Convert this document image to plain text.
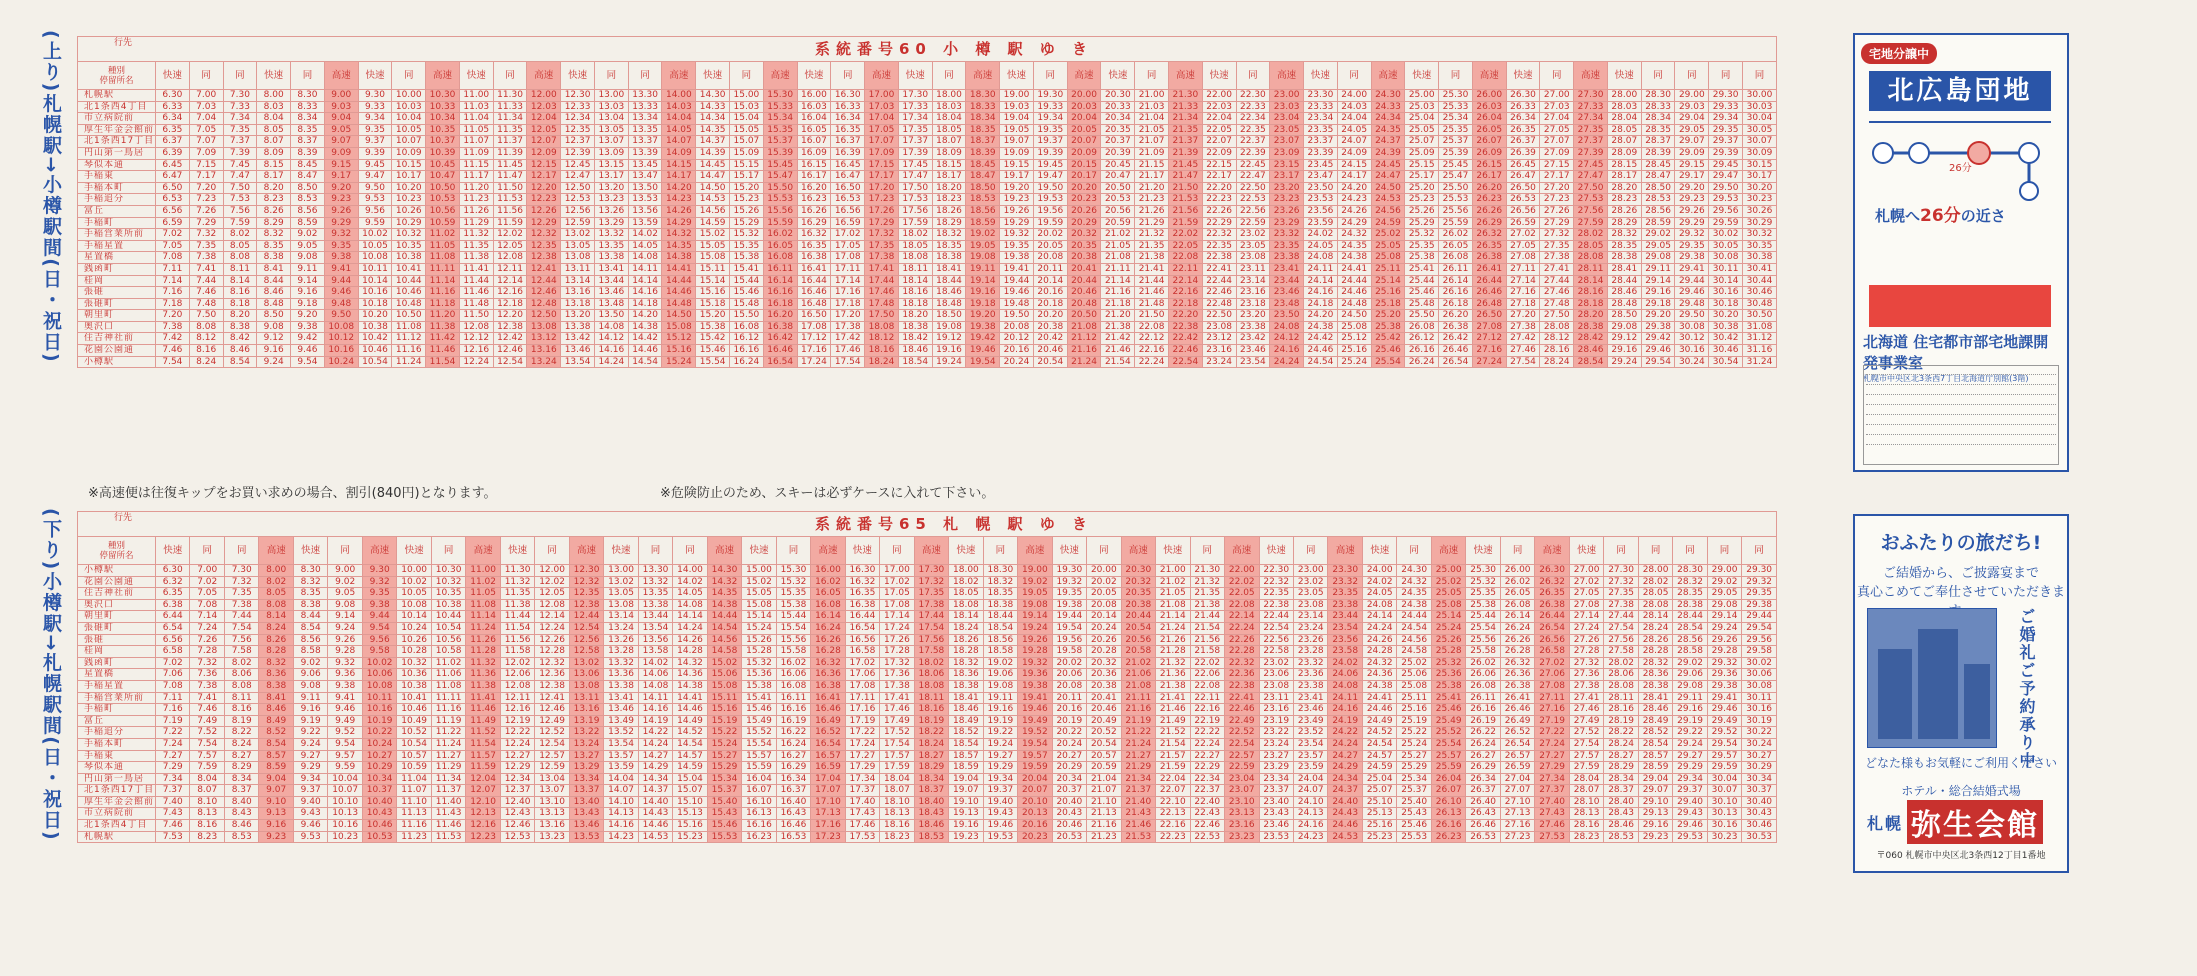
(上り)札幌駅→小樽駅間(日・祝日)
(下り)小樽駅→札幌駅間(日・祝日)
行先 系統番号60 小 樽 駅 ゆ き																																																

種別
停留所名	快速	同	同	快速	同	高速	快速	同	高速	快速	同	高速	快速	同	同	高速	快速	同	高速	快速	同	高速	快速	同	高速	快速	同	高速	快速	同	高速	快速	同	高速	快速	同	高速	快速	同	高速	快速	同	高速	快速	同	同	同	同
札幌駅	6.30	7.00	7.30	8.00	8.30	9.00	9.30	10.00	10.30	11.00	11.30	12.00	12.30	13.00	13.30	14.00	14.30	15.00	15.30	16.00	16.30	17.00	17.30	18.00	18.30	19.00	19.30	20.00	20.30	21.00	21.30	22.00	22.30	23.00	23.30	24.00	24.30	25.00	25.30	26.00	26.30	27.00	27.30	28.00	28.30	29.00	29.30	30.00
北1条西4丁目	6.33	7.03	7.33	8.03	8.33	9.03	9.33	10.03	10.33	11.03	11.33	12.03	12.33	13.03	13.33	14.03	14.33	15.03	15.33	16.03	16.33	17.03	17.33	18.03	18.33	19.03	19.33	20.03	20.33	21.03	21.33	22.03	22.33	23.03	23.33	24.03	24.33	25.03	25.33	26.03	26.33	27.03	27.33	28.03	28.33	29.03	29.33	30.03
市立病院前	6.34	7.04	7.34	8.04	8.34	9.04	9.34	10.04	10.34	11.04	11.34	12.04	12.34	13.04	13.34	14.04	14.34	15.04	15.34	16.04	16.34	17.04	17.34	18.04	18.34	19.04	19.34	20.04	20.34	21.04	21.34	22.04	22.34	23.04	23.34	24.04	24.34	25.04	25.34	26.04	26.34	27.04	27.34	28.04	28.34	29.04	29.34	30.04
厚生年金会館前	6.35	7.05	7.35	8.05	8.35	9.05	9.35	10.05	10.35	11.05	11.35	12.05	12.35	13.05	13.35	14.05	14.35	15.05	15.35	16.05	16.35	17.05	17.35	18.05	18.35	19.05	19.35	20.05	20.35	21.05	21.35	22.05	22.35	23.05	23.35	24.05	24.35	25.05	25.35	26.05	26.35	27.05	27.35	28.05	28.35	29.05	29.35	30.05
北1条西17丁目	6.37	7.07	7.37	8.07	8.37	9.07	9.37	10.07	10.37	11.07	11.37	12.07	12.37	13.07	13.37	14.07	14.37	15.07	15.37	16.07	16.37	17.07	17.37	18.07	18.37	19.07	19.37	20.07	20.37	21.07	21.37	22.07	22.37	23.07	23.37	24.07	24.37	25.07	25.37	26.07	26.37	27.07	27.37	28.07	28.37	29.07	29.37	30.07
円山第一鳥居	6.39	7.09	7.39	8.09	8.39	9.09	9.39	10.09	10.39	11.09	11.39	12.09	12.39	13.09	13.39	14.09	14.39	15.09	15.39	16.09	16.39	17.09	17.39	18.09	18.39	19.09	19.39	20.09	20.39	21.09	21.39	22.09	22.39	23.09	23.39	24.09	24.39	25.09	25.39	26.09	26.39	27.09	27.39	28.09	28.39	29.09	29.39	30.09
琴似本通	6.45	7.15	7.45	8.15	8.45	9.15	9.45	10.15	10.45	11.15	11.45	12.15	12.45	13.15	13.45	14.15	14.45	15.15	15.45	16.15	16.45	17.15	17.45	18.15	18.45	19.15	19.45	20.15	20.45	21.15	21.45	22.15	22.45	23.15	23.45	24.15	24.45	25.15	25.45	26.15	26.45	27.15	27.45	28.15	28.45	29.15	29.45	30.15
手稲東	6.47	7.17	7.47	8.17	8.47	9.17	9.47	10.17	10.47	11.17	11.47	12.17	12.47	13.17	13.47	14.17	14.47	15.17	15.47	16.17	16.47	17.17	17.47	18.17	18.47	19.17	19.47	20.17	20.47	21.17	21.47	22.17	22.47	23.17	23.47	24.17	24.47	25.17	25.47	26.17	26.47	27.17	27.47	28.17	28.47	29.17	29.47	30.17
手稲本町	6.50	7.20	7.50	8.20	8.50	9.20	9.50	10.20	10.50	11.20	11.50	12.20	12.50	13.20	13.50	14.20	14.50	15.20	15.50	16.20	16.50	17.20	17.50	18.20	18.50	19.20	19.50	20.20	20.50	21.20	21.50	22.20	22.50	23.20	23.50	24.20	24.50	25.20	25.50	26.20	26.50	27.20	27.50	28.20	28.50	29.20	29.50	30.20
手稲追分	6.53	7.23	7.53	8.23	8.53	9.23	9.53	10.23	10.53	11.23	11.53	12.23	12.53	13.23	13.53	14.23	14.53	15.23	15.53	16.23	16.53	17.23	17.53	18.23	18.53	19.23	19.53	20.23	20.53	21.23	21.53	22.23	22.53	23.23	23.53	24.23	24.53	25.23	25.53	26.23	26.53	27.23	27.53	28.23	28.53	29.23	29.53	30.23
富丘	6.56	7.26	7.56	8.26	8.56	9.26	9.56	10.26	10.56	11.26	11.56	12.26	12.56	13.26	13.56	14.26	14.56	15.26	15.56	16.26	16.56	17.26	17.56	18.26	18.56	19.26	19.56	20.26	20.56	21.26	21.56	22.26	22.56	23.26	23.56	24.26	24.56	25.26	25.56	26.26	26.56	27.26	27.56	28.26	28.56	29.26	29.56	30.26
手稲町	6.59	7.29	7.59	8.29	8.59	9.29	9.59	10.29	10.59	11.29	11.59	12.29	12.59	13.29	13.59	14.29	14.59	15.29	15.59	16.29	16.59	17.29	17.59	18.29	18.59	19.29	19.59	20.29	20.59	21.29	21.59	22.29	22.59	23.29	23.59	24.29	24.59	25.29	25.59	26.29	26.59	27.29	27.59	28.29	28.59	29.29	29.59	30.29
手稲営業所前	7.02	7.32	8.02	8.32	9.02	9.32	10.02	10.32	11.02	11.32	12.02	12.32	13.02	13.32	14.02	14.32	15.02	15.32	16.02	16.32	17.02	17.32	18.02	18.32	19.02	19.32	20.02	20.32	21.02	21.32	22.02	22.32	23.02	23.32	24.02	24.32	25.02	25.32	26.02	26.32	27.02	27.32	28.02	28.32	29.02	29.32	30.02	30.32
手稲星置	7.05	7.35	8.05	8.35	9.05	9.35	10.05	10.35	11.05	11.35	12.05	12.35	13.05	13.35	14.05	14.35	15.05	15.35	16.05	16.35	17.05	17.35	18.05	18.35	19.05	19.35	20.05	20.35	21.05	21.35	22.05	22.35	23.05	23.35	24.05	24.35	25.05	25.35	26.05	26.35	27.05	27.35	28.05	28.35	29.05	29.35	30.05	30.35
星置橋	7.08	7.38	8.08	8.38	9.08	9.38	10.08	10.38	11.08	11.38	12.08	12.38	13.08	13.38	14.08	14.38	15.08	15.38	16.08	16.38	17.08	17.38	18.08	18.38	19.08	19.38	20.08	20.38	21.08	21.38	22.08	22.38	23.08	23.38	24.08	24.38	25.08	25.38	26.08	26.38	27.08	27.38	28.08	28.38	29.08	29.38	30.08	30.38
銭函町	7.11	7.41	8.11	8.41	9.11	9.41	10.11	10.41	11.11	11.41	12.11	12.41	13.11	13.41	14.11	14.41	15.11	15.41	16.11	16.41	17.11	17.41	18.11	18.41	19.11	19.41	20.11	20.41	21.11	21.41	22.11	22.41	23.11	23.41	24.11	24.41	25.11	25.41	26.11	26.41	27.11	27.41	28.11	28.41	29.11	29.41	30.11	30.41
桂岡	7.14	7.44	8.14	8.44	9.14	9.44	10.14	10.44	11.14	11.44	12.14	12.44	13.14	13.44	14.14	14.44	15.14	15.44	16.14	16.44	17.14	17.44	18.14	18.44	19.14	19.44	20.14	20.44	21.14	21.44	22.14	22.44	23.14	23.44	24.14	24.44	25.14	25.44	26.14	26.44	27.14	27.44	28.14	28.44	29.14	29.44	30.14	30.44
張碓	7.16	7.46	8.16	8.46	9.16	9.46	10.16	10.46	11.16	11.46	12.16	12.46	13.16	13.46	14.16	14.46	15.16	15.46	16.16	16.46	17.16	17.46	18.16	18.46	19.16	19.46	20.16	20.46	21.16	21.46	22.16	22.46	23.16	23.46	24.16	24.46	25.16	25.46	26.16	26.46	27.16	27.46	28.16	28.46	29.16	29.46	30.16	30.46
張碓町	7.18	7.48	8.18	8.48	9.18	9.48	10.18	10.48	11.18	11.48	12.18	12.48	13.18	13.48	14.18	14.48	15.18	15.48	16.18	16.48	17.18	17.48	18.18	18.48	19.18	19.48	20.18	20.48	21.18	21.48	22.18	22.48	23.18	23.48	24.18	24.48	25.18	25.48	26.18	26.48	27.18	27.48	28.18	28.48	29.18	29.48	30.18	30.48
朝里町	7.20	7.50	8.20	8.50	9.20	9.50	10.20	10.50	11.20	11.50	12.20	12.50	13.20	13.50	14.20	14.50	15.20	15.50	16.20	16.50	17.20	17.50	18.20	18.50	19.20	19.50	20.20	20.50	21.20	21.50	22.20	22.50	23.20	23.50	24.20	24.50	25.20	25.50	26.20	26.50	27.20	27.50	28.20	28.50	29.20	29.50	30.20	30.50
奥沢口	7.38	8.08	8.38	9.08	9.38	10.08	10.38	11.08	11.38	12.08	12.38	13.08	13.38	14.08	14.38	15.08	15.38	16.08	16.38	17.08	17.38	18.08	18.38	19.08	19.38	20.08	20.38	21.08	21.38	22.08	22.38	23.08	23.38	24.08	24.38	25.08	25.38	26.08	26.38	27.08	27.38	28.08	28.38	29.08	29.38	30.08	30.38	31.08
住吉神社前	7.42	8.12	8.42	9.12	9.42	10.12	10.42	11.12	11.42	12.12	12.42	13.12	13.42	14.12	14.42	15.12	15.42	16.12	16.42	17.12	17.42	18.12	18.42	19.12	19.42	20.12	20.42	21.12	21.42	22.12	22.42	23.12	23.42	24.12	24.42	25.12	25.42	26.12	26.42	27.12	27.42	28.12	28.42	29.12	29.42	30.12	30.42	31.12
花園公園通	7.46	8.16	8.46	9.16	9.46	10.16	10.46	11.16	11.46	12.16	12.46	13.16	13.46	14.16	14.46	15.16	15.46	16.16	16.46	17.16	17.46	18.16	18.46	19.16	19.46	20.16	20.46	21.16	21.46	22.16	22.46	23.16	23.46	24.16	24.46	25.16	25.46	26.16	26.46	27.16	27.46	28.16	28.46	29.16	29.46	30.16	30.46	31.16
小樽駅	7.54	8.24	8.54	9.24	9.54	10.24	10.54	11.24	11.54	12.24	12.54	13.24	13.54	14.24	14.54	15.24	15.54	16.24	16.54	17.24	17.54	18.24	18.54	19.24	19.54	20.24	20.54	21.24	21.54	22.24	22.54	23.24	23.54	24.24	24.54	25.24	25.54	26.24	26.54	27.24	27.54	28.24	28.54	29.24	29.54	30.24	30.54	31.24
※高速便は往復キップをお買い求めの場合、割引(840円)となります。	※危険防止のため、スキーは必ずケースに入れて下さい。
行先 系統番号65 札 幌 駅 ゆ き																																															

種別
停留所名	快速	同	同	高速	快速	同	高速	快速	同	高速	快速	同	高速	快速	同	同	高速	快速	同	高速	快速	同	高速	快速	同	高速	快速	同	高速	快速	同	高速	快速	同	高速	快速	同	高速	快速	同	高速	快速	同	同	同	同	同
小樽駅	6.30	7.00	7.30	8.00	8.30	9.00	9.30	10.00	10.30	11.00	11.30	12.00	12.30	13.00	13.30	14.00	14.30	15.00	15.30	16.00	16.30	17.00	17.30	18.00	18.30	19.00	19.30	20.00	20.30	21.00	21.30	22.00	22.30	23.00	23.30	24.00	24.30	25.00	25.30	26.00	26.30	27.00	27.30	28.00	28.30	29.00	29.30
花園公園通	6.32	7.02	7.32	8.02	8.32	9.02	9.32	10.02	10.32	11.02	11.32	12.02	12.32	13.02	13.32	14.02	14.32	15.02	15.32	16.02	16.32	17.02	17.32	18.02	18.32	19.02	19.32	20.02	20.32	21.02	21.32	22.02	22.32	23.02	23.32	24.02	24.32	25.02	25.32	26.02	26.32	27.02	27.32	28.02	28.32	29.02	29.32
住吉神社前	6.35	7.05	7.35	8.05	8.35	9.05	9.35	10.05	10.35	11.05	11.35	12.05	12.35	13.05	13.35	14.05	14.35	15.05	15.35	16.05	16.35	17.05	17.35	18.05	18.35	19.05	19.35	20.05	20.35	21.05	21.35	22.05	22.35	23.05	23.35	24.05	24.35	25.05	25.35	26.05	26.35	27.05	27.35	28.05	28.35	29.05	29.35
奥沢口	6.38	7.08	7.38	8.08	8.38	9.08	9.38	10.08	10.38	11.08	11.38	12.08	12.38	13.08	13.38	14.08	14.38	15.08	15.38	16.08	16.38	17.08	17.38	18.08	18.38	19.08	19.38	20.08	20.38	21.08	21.38	22.08	22.38	23.08	23.38	24.08	24.38	25.08	25.38	26.08	26.38	27.08	27.38	28.08	28.38	29.08	29.38
朝里町	6.44	7.14	7.44	8.14	8.44	9.14	9.44	10.14	10.44	11.14	11.44	12.14	12.44	13.14	13.44	14.14	14.44	15.14	15.44	16.14	16.44	17.14	17.44	18.14	18.44	19.14	19.44	20.14	20.44	21.14	21.44	22.14	22.44	23.14	23.44	24.14	24.44	25.14	25.44	26.14	26.44	27.14	27.44	28.14	28.44	29.14	29.44
張碓町	6.54	7.24	7.54	8.24	8.54	9.24	9.54	10.24	10.54	11.24	11.54	12.24	12.54	13.24	13.54	14.24	14.54	15.24	15.54	16.24	16.54	17.24	17.54	18.24	18.54	19.24	19.54	20.24	20.54	21.24	21.54	22.24	22.54	23.24	23.54	24.24	24.54	25.24	25.54	26.24	26.54	27.24	27.54	28.24	28.54	29.24	29.54
張碓	6.56	7.26	7.56	8.26	8.56	9.26	9.56	10.26	10.56	11.26	11.56	12.26	12.56	13.26	13.56	14.26	14.56	15.26	15.56	16.26	16.56	17.26	17.56	18.26	18.56	19.26	19.56	20.26	20.56	21.26	21.56	22.26	22.56	23.26	23.56	24.26	24.56	25.26	25.56	26.26	26.56	27.26	27.56	28.26	28.56	29.26	29.56
桂岡	6.58	7.28	7.58	8.28	8.58	9.28	9.58	10.28	10.58	11.28	11.58	12.28	12.58	13.28	13.58	14.28	14.58	15.28	15.58	16.28	16.58	17.28	17.58	18.28	18.58	19.28	19.58	20.28	20.58	21.28	21.58	22.28	22.58	23.28	23.58	24.28	24.58	25.28	25.58	26.28	26.58	27.28	27.58	28.28	28.58	29.28	29.58
銭函町	7.02	7.32	8.02	8.32	9.02	9.32	10.02	10.32	11.02	11.32	12.02	12.32	13.02	13.32	14.02	14.32	15.02	15.32	16.02	16.32	17.02	17.32	18.02	18.32	19.02	19.32	20.02	20.32	21.02	21.32	22.02	22.32	23.02	23.32	24.02	24.32	25.02	25.32	26.02	26.32	27.02	27.32	28.02	28.32	29.02	29.32	30.02
星置橋	7.06	7.36	8.06	8.36	9.06	9.36	10.06	10.36	11.06	11.36	12.06	12.36	13.06	13.36	14.06	14.36	15.06	15.36	16.06	16.36	17.06	17.36	18.06	18.36	19.06	19.36	20.06	20.36	21.06	21.36	22.06	22.36	23.06	23.36	24.06	24.36	25.06	25.36	26.06	26.36	27.06	27.36	28.06	28.36	29.06	29.36	30.06
手稲星置	7.08	7.38	8.08	8.38	9.08	9.38	10.08	10.38	11.08	11.38	12.08	12.38	13.08	13.38	14.08	14.38	15.08	15.38	16.08	16.38	17.08	17.38	18.08	18.38	19.08	19.38	20.08	20.38	21.08	21.38	22.08	22.38	23.08	23.38	24.08	24.38	25.08	25.38	26.08	26.38	27.08	27.38	28.08	28.38	29.08	29.38	30.08
手稲営業所前	7.11	7.41	8.11	8.41	9.11	9.41	10.11	10.41	11.11	11.41	12.11	12.41	13.11	13.41	14.11	14.41	15.11	15.41	16.11	16.41	17.11	17.41	18.11	18.41	19.11	19.41	20.11	20.41	21.11	21.41	22.11	22.41	23.11	23.41	24.11	24.41	25.11	25.41	26.11	26.41	27.11	27.41	28.11	28.41	29.11	29.41	30.11
手稲町	7.16	7.46	8.16	8.46	9.16	9.46	10.16	10.46	11.16	11.46	12.16	12.46	13.16	13.46	14.16	14.46	15.16	15.46	16.16	16.46	17.16	17.46	18.16	18.46	19.16	19.46	20.16	20.46	21.16	21.46	22.16	22.46	23.16	23.46	24.16	24.46	25.16	25.46	26.16	26.46	27.16	27.46	28.16	28.46	29.16	29.46	30.16
富丘	7.19	7.49	8.19	8.49	9.19	9.49	10.19	10.49	11.19	11.49	12.19	12.49	13.19	13.49	14.19	14.49	15.19	15.49	16.19	16.49	17.19	17.49	18.19	18.49	19.19	19.49	20.19	20.49	21.19	21.49	22.19	22.49	23.19	23.49	24.19	24.49	25.19	25.49	26.19	26.49	27.19	27.49	28.19	28.49	29.19	29.49	30.19
手稲追分	7.22	7.52	8.22	8.52	9.22	9.52	10.22	10.52	11.22	11.52	12.22	12.52	13.22	13.52	14.22	14.52	15.22	15.52	16.22	16.52	17.22	17.52	18.22	18.52	19.22	19.52	20.22	20.52	21.22	21.52	22.22	22.52	23.22	23.52	24.22	24.52	25.22	25.52	26.22	26.52	27.22	27.52	28.22	28.52	29.22	29.52	30.22
手稲本町	7.24	7.54	8.24	8.54	9.24	9.54	10.24	10.54	11.24	11.54	12.24	12.54	13.24	13.54	14.24	14.54	15.24	15.54	16.24	16.54	17.24	17.54	18.24	18.54	19.24	19.54	20.24	20.54	21.24	21.54	22.24	22.54	23.24	23.54	24.24	24.54	25.24	25.54	26.24	26.54	27.24	27.54	28.24	28.54	29.24	29.54	30.24
手稲東	7.27	7.57	8.27	8.57	9.27	9.57	10.27	10.57	11.27	11.57	12.27	12.57	13.27	13.57	14.27	14.57	15.27	15.57	16.27	16.57	17.27	17.57	18.27	18.57	19.27	19.57	20.27	20.57	21.27	21.57	22.27	22.57	23.27	23.57	24.27	24.57	25.27	25.57	26.27	26.57	27.27	27.57	28.27	28.57	29.27	29.57	30.27
琴似本通	7.29	7.59	8.29	8.59	9.29	9.59	10.29	10.59	11.29	11.59	12.29	12.59	13.29	13.59	14.29	14.59	15.29	15.59	16.29	16.59	17.29	17.59	18.29	18.59	19.29	19.59	20.29	20.59	21.29	21.59	22.29	22.59	23.29	23.59	24.29	24.59	25.29	25.59	26.29	26.59	27.29	27.59	28.29	28.59	29.29	29.59	30.29
円山第一鳥居	7.34	8.04	8.34	9.04	9.34	10.04	10.34	11.04	11.34	12.04	12.34	13.04	13.34	14.04	14.34	15.04	15.34	16.04	16.34	17.04	17.34	18.04	18.34	19.04	19.34	20.04	20.34	21.04	21.34	22.04	22.34	23.04	23.34	24.04	24.34	25.04	25.34	26.04	26.34	27.04	27.34	28.04	28.34	29.04	29.34	30.04	30.34
北1条西17丁目	7.37	8.07	8.37	9.07	9.37	10.07	10.37	11.07	11.37	12.07	12.37	13.07	13.37	14.07	14.37	15.07	15.37	16.07	16.37	17.07	17.37	18.07	18.37	19.07	19.37	20.07	20.37	21.07	21.37	22.07	22.37	23.07	23.37	24.07	24.37	25.07	25.37	26.07	26.37	27.07	27.37	28.07	28.37	29.07	29.37	30.07	30.37
厚生年金会館前	7.40	8.10	8.40	9.10	9.40	10.10	10.40	11.10	11.40	12.10	12.40	13.10	13.40	14.10	14.40	15.10	15.40	16.10	16.40	17.10	17.40	18.10	18.40	19.10	19.40	20.10	20.40	21.10	21.40	22.10	22.40	23.10	23.40	24.10	24.40	25.10	25.40	26.10	26.40	27.10	27.40	28.10	28.40	29.10	29.40	30.10	30.40
市立病院前	7.43	8.13	8.43	9.13	9.43	10.13	10.43	11.13	11.43	12.13	12.43	13.13	13.43	14.13	14.43	15.13	15.43	16.13	16.43	17.13	17.43	18.13	18.43	19.13	19.43	20.13	20.43	21.13	21.43	22.13	22.43	23.13	23.43	24.13	24.43	25.13	25.43	26.13	26.43	27.13	27.43	28.13	28.43	29.13	29.43	30.13	30.43
北1条西4丁目	7.46	8.16	8.46	9.16	9.46	10.16	10.46	11.16	11.46	12.16	12.46	13.16	13.46	14.16	14.46	15.16	15.46	16.16	16.46	17.16	17.46	18.16	18.46	19.16	19.46	20.16	20.46	21.16	21.46	22.16	22.46	23.16	23.46	24.16	24.46	25.16	25.46	26.16	26.46	27.16	27.46	28.16	28.46	29.16	29.46	30.16	30.46
札幌駅	7.53	8.23	8.53	9.23	9.53	10.23	10.53	11.23	11.53	12.23	12.53	13.23	13.53	14.23	14.53	15.23	15.53	16.23	16.53	17.23	17.53	18.23	18.53	19.23	19.53	20.23	20.53	21.23	21.53	22.23	22.53	23.23	23.53	24.23	24.53	25.23	25.53	26.23	26.53	27.23	27.53	28.23	28.53	29.23	29.53	30.23	30.53
宅地分譲中
北広島団地
26分
札幌へ26分の近さ
北海道 住宅都市部宅地課開発事業室
札幌市中央区北3条西7丁目北海道庁別館(3階)
おふたりの旅だち!
ご結婚から、ご披露宴まで
真心こめてご奉仕させていただきま
ご婚礼ご予約承り中
どなた様もお気軽にご利用ください
ホテル・総合結婚式場
札幌 弥生会館
〒060 札幌市中央区北3条西12丁目1番地
